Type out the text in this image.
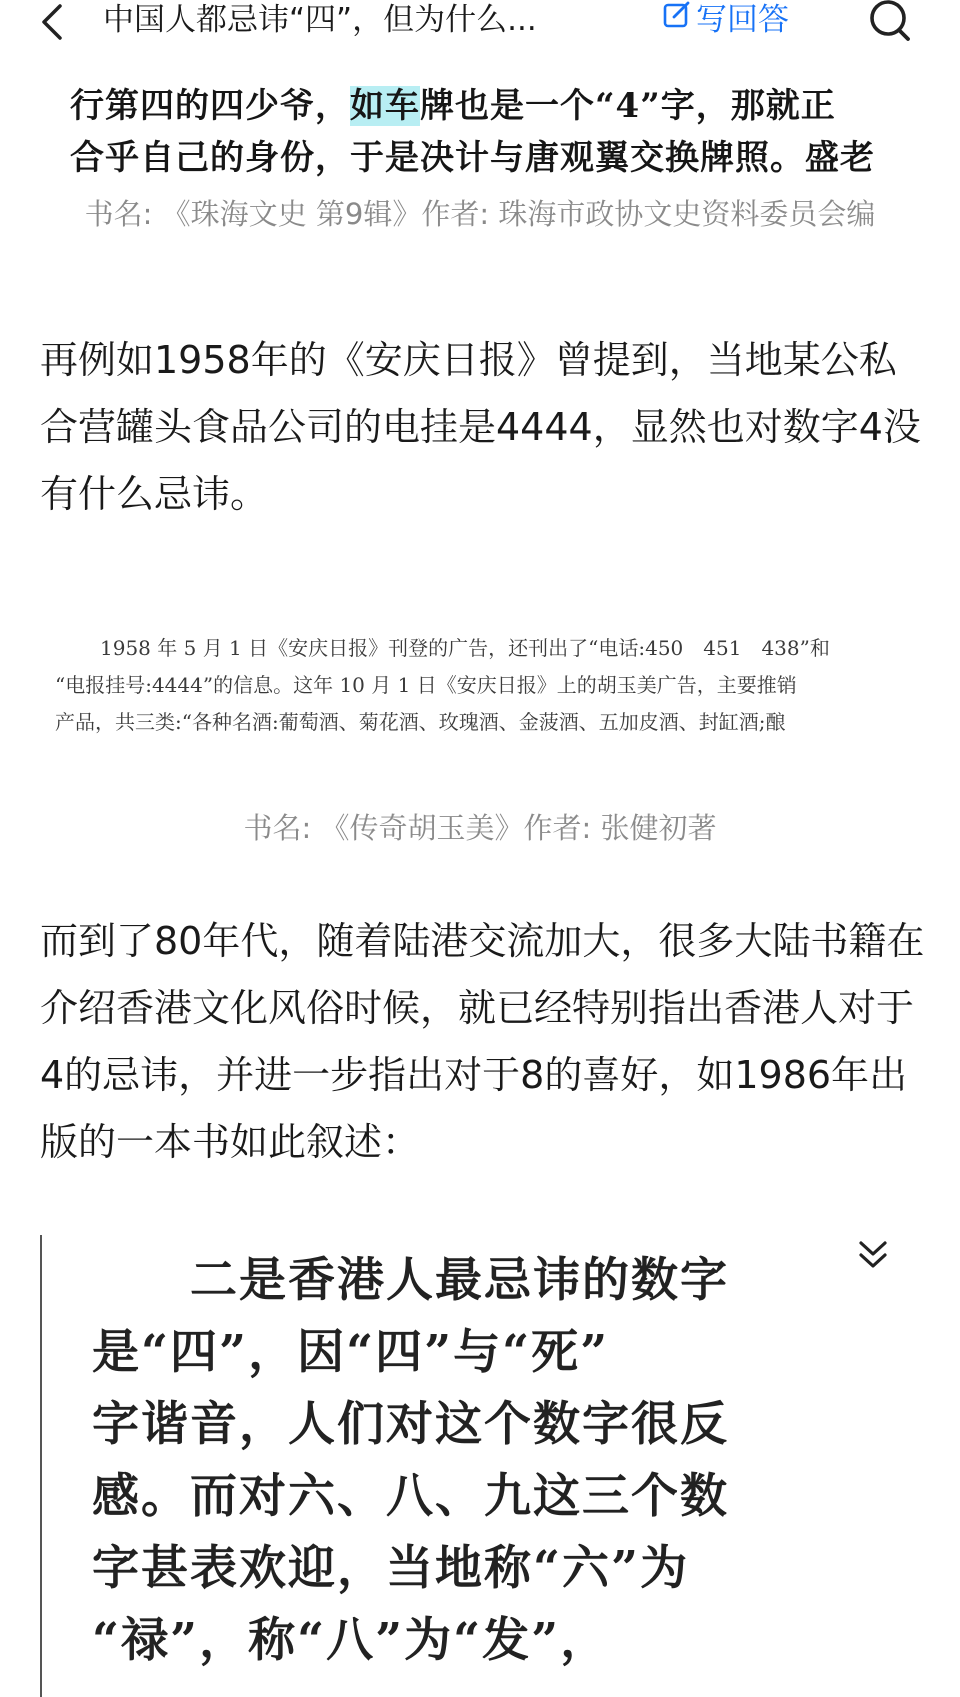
中国人都忌讳“四”，但为什么...	写回答
行第四的四少爷，如车牌也是一个“4”字，那就正
合乎自己的身份，于是决计与唐观翼交换牌照。盛老
书名: 《珠海文史 第9辑》作者: 珠海市政协文史资料委员会编
再例如1958年的《安庆日报》曾提到，当地某公私合营罐头食品公司的电挂是4444，显然也对数字4没有什么忌讳。
1958 年 5 月 1 日《安庆日报》刊登的广告，还刊出了“电话:450　451　438”和
“电报挂号:4444”的信息。这年 10 月 1 日《安庆日报》上的胡玉美广告，主要推销
产品，共三类:“各种名酒:葡萄酒、菊花酒、玫瑰酒、金菠酒、五加皮酒、封缸酒;酿
书名: 《传奇胡玉美》作者: 张健初著
而到了80年代，随着陆港交流加大，很多大陆书籍在介绍香港文化风俗时候，就已经特别指出香港人对于4的忌讳，并进一步指出对于8的喜好，如1986年出版的一本书如此叙述：
　　二是香港人最忌讳的数字
是“四”，因“四”与“死”
字谐音，人们对这个数字很反
感。而对六、八、九这三个数
字甚表欢迎，当地称“六”为
“禄”，称“八”为“发”，
